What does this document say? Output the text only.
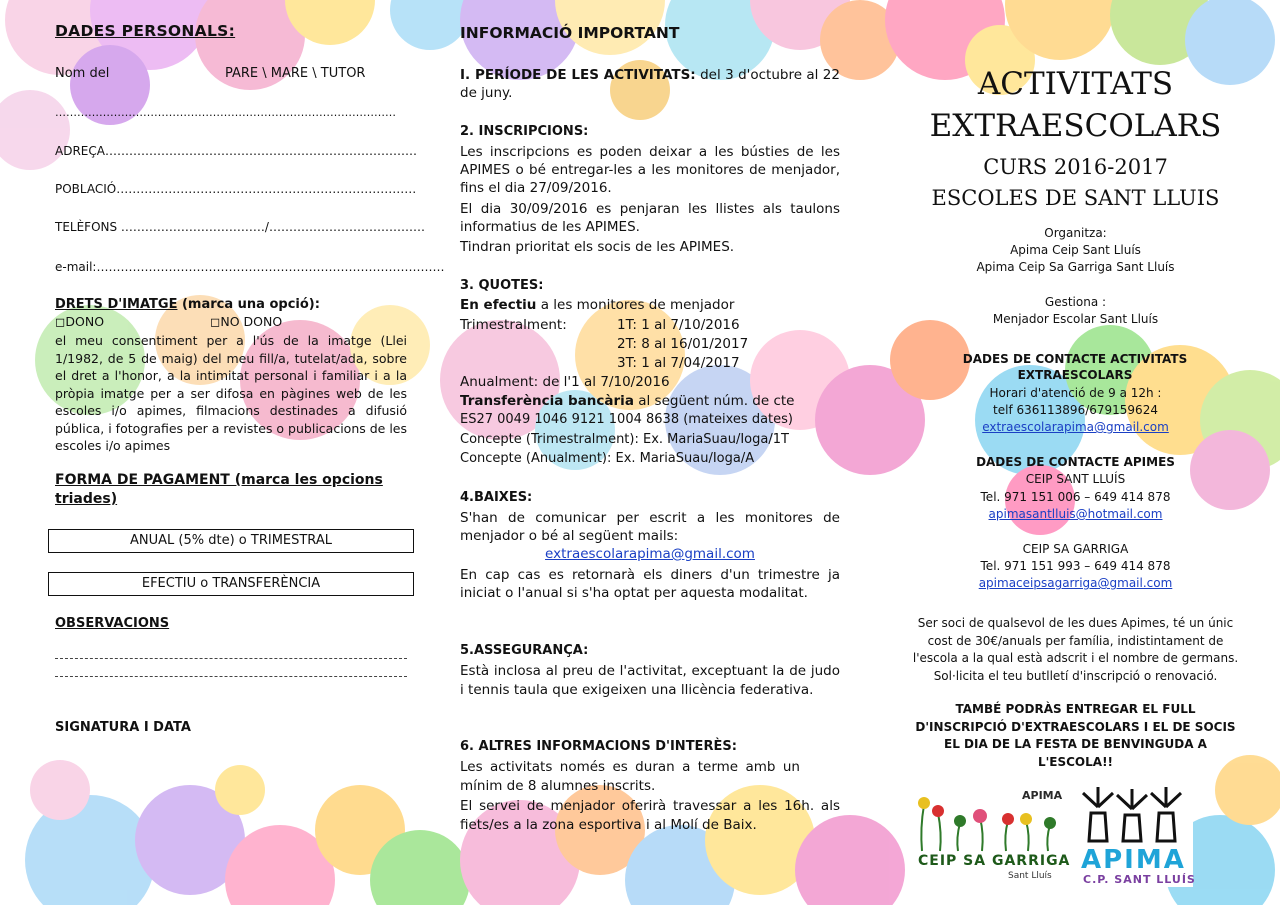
DADES PERSONALS:

Nom del	PARE \ MARE \ TUTOR

…………………………………………………………………………………

ADREÇA……………………………………………………………………

POBLACIÓ…………………………………………………………………

TELÈFONS ………………………………/…………………………………

e-mail:……………………………………………………………………………

DRETS D'IMATGE (marca una opció):

◻DONO	◻NO DONO

el meu consentiment per a l'ús de la imatge (Llei 1/1982, de 5 de maig) del meu fill/a, tutelat/ada, sobre el dret a l'honor, a la intimitat personal i familiar i a la pròpia imatge per a ser difosa en pàgines web de les escoles i/o apimes, filmacions destinades a difusió pública, i fotografies per a revistes o publicacions de les escoles i/o apimes

FORMA DE PAGAMENT (marca les opcions triades)

ANUAL (5% dte) o TRIMESTRAL
EFECTIU o TRANSFERÈNCIA

OBSERVACIONS

SIGNATURA I DATA

INFORMACIÓ IMPORTANT

I. PERÍODE DE LES ACTIVITATS: del 3 d'octubre al 22 de juny.

2. INSCRIPCIONS:

Les inscripcions es poden deixar a les bústies de les APIMES o bé entregar-les a les monitores de menjador, fins el dia 27/09/2016.

El dia 30/09/2016 es penjaran les llistes als taulons informatius de les APIMES.

Tindran prioritat els socis de les APIMES.

3. QUOTES:

En efectiu a les monitores de menjador

Trimestralment:	1T: 1 al 7/10/2016

2T: 8 al 16/01/2017

3T: 1 al 7/04/2017

Anualment: de l'1 al 7/10/2016

Transferència bancària al següent núm. de cte

ES27 0049 1046 9121 1004 8638 (mateixes dates)

Concepte (Trimestralment): Ex. MariaSuau/Ioga/1T

Concepte (Anualment): Ex. MariaSuau/Ioga/A

4.BAIXES:

S'han de comunicar per escrit a les monitores de menjador o bé al següent mails:

extraescolarapima@gmail.com

En cap cas es retornarà els diners d'un trimestre ja iniciat o l'anual si s'ha optat per aquesta modalitat.

5.ASSEGURANÇA:

Està inclosa al preu de l'activitat, exceptuant la de judo i tennis taula que exigeixen una llicència federativa.

6. ALTRES INFORMACIONS D'INTERÈS:

Les activitats només es duran a terme amb un mínim de 8 alumnes inscrits.

El servei de menjador oferirà travessar a les 16h. als fiets/es a la zona esportiva i al Molí de Baix.

ACTIVITATS

EXTRAESCOLARS

CURS 2016-2017

ESCOLES DE SANT LLUIS

Organitza:

Apima Ceip Sant Lluís

Apima Ceip Sa Garriga Sant Lluís

Gestiona :

Menjador Escolar Sant Lluís

DADES DE CONTACTE ACTIVITATS EXTRAESCOLARS

Horari d'atenció de 9 a 12h :

telf 636113896/679159624

extraescolarapima@gmail.com

DADES DE CONTACTE APIMES

CEIP SANT LLUÍS

Tel. 971 151 006 – 649 414 878

apimasantlluis@hotmail.com

CEIP SA GARRIGA

Tel. 971 151 993 – 649 414 878

apimaceipsagarriga@gmail.com

Ser soci de qualsevol de les dues Apimes, té un únic cost de 30€/anuals per família, indistintament de l'escola a la qual està adscrit i el nombre de germans. Sol·licita el teu butlletí d'inscripció o renovació.

TAMBÉ PODRÀS ENTREGAR EL FULL D'INSCRIPCIÓ D'EXTRAESCOLARS I EL DE SOCIS EL DIA DE LA FESTA DE BENVINGUDA A L'ESCOLA!!

APIMA
CEIP SA GARRIGA
Sant Lluís
APIMA
C.P. SANT LLUÍS
